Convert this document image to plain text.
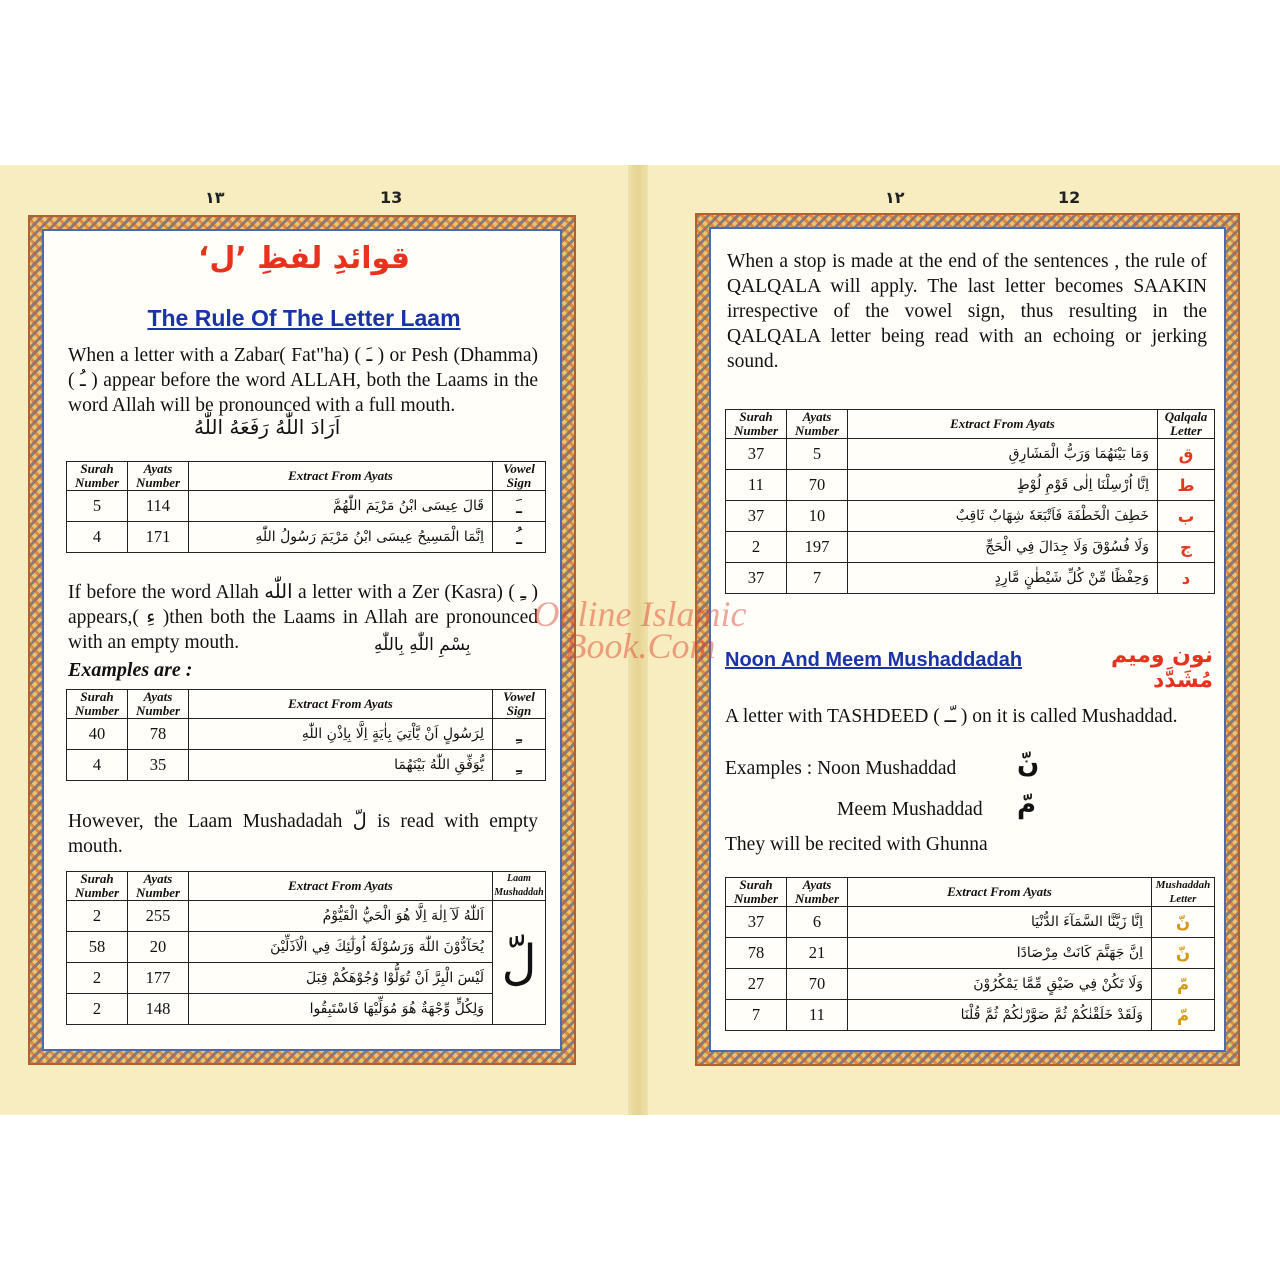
١٣	13	١٢	12
قوائدِ لفظِ ’ل‘
The Rule Of The Letter Laam
When a letter with a Zabar( Fat"ha) ( ـَ ) or Pesh (Dhamma) ( ـُ ) appear before the word ALLAH, both the Laams in the word Allah will be pronounced with a full mouth.
اَرَادَ اللّٰهُ رَفَعَهُ اللّٰهُ
Surah Number	Ayats Number	Extract From Ayats	Vowel Sign
5	114	قَالَ عِيسَى ابْنُ مَرْيَمَ اللّٰهُمَّ	ـَ
4	171	اِنَّمَا الْمَسِيحُ عِيسَى ابْنُ مَرْيَمَ رَسُولُ اللّٰهِ	ـُ
If before the word Allah اللّٰه a letter with a Zer (Kasra) ( ـِ ) appears,( ءِ )then both the Laams in Allah are pronounced with an empty mouth.	بِسْمِ اللّٰهِ بِاللّٰهِ
Examples are :
Surah Number	Ayats Number	Extract From Ayats	Vowel Sign
40	78	لِرَسُولٍ اَنْ يَّاْتِيَ بِاٰيَةٍ اِلَّا بِاِذْنِ اللّٰهِ	ـِ
4	35	يُّوَفِّقِ اللّٰهُ بَيْنَهُمَا	ـِ
However, the Laam Mushadadah لّ is read with empty mouth.
Surah Number	Ayats Number	Extract From Ayats	Laam Mushaddah
2	255	اَللّٰهُ لَآ اِلٰهَ اِلَّا هُوَ الْحَيُّ الْقَيُّوْمُ	لّ
58	20	يُحَآدُّوْنَ اللّٰهَ وَرَسُوْلَهٗٓ اُولٰٓئِكَ فِي الْاَذَلِّيْنَ	
2	177	لَيْسَ الْبِرَّ اَنْ تُوَلُّوْا وُجُوْهَكُمْ قِبَلَ	
2	148	وَلِكُلٍّ وِّجْهَةٌ هُوَ مُوَلِّيْهَا فَاسْتَبِقُوا	
When a stop is made at the end of the sentences , the rule of QALQALA will apply. The last letter becomes SAAKIN irrespective of the vowel sign, thus resulting in the QALQALA letter being read with an echoing or jerking sound.
Surah Number	Ayats Number	Extract From Ayats	Qalqala Letter
37	5	وَمَا بَيْنَهُمَا وَرَبُّ الْمَشَارِقِ	ق
11	70	اِنَّا اُرْسِلْنَا اِلٰى قَوْمِ لُوْطٍ	ط
37	10	خَطِفَ الْخَطْفَةَ فَاَتْبَعَهٗ شِهَابٌ ثَاقِبٌ	ب
2	197	وَلَا فُسُوْقَ وَلَا جِدَالَ فِي الْحَجِّ	ج
37	7	وَحِفْظًا مِّنْ كُلِّ شَيْطٰنٍ مَّارِدٍ	د
Noon And Meem Mushaddadah	نون ومیم مُشَدَّد
A letter with TASHDEED ( ـّـ ) on it is called Mushaddad.
Examples : Noon Mushaddad نّ
Meem Mushaddad مّ
They will be recited with Ghunna
Surah Number	Ayats Number	Extract From Ayats	Mushaddah Letter
37	6	اِنَّا زَيَّنَّا السَّمَآءَ الدُّنْيَا	نّ
78	21	اِنَّ جَهَنَّمَ كَانَتْ مِرْصَادًا	نّ
27	70	وَلَا تَكُنْ فِي ضَيْقٍ مِّمَّا يَمْكُرُوْنَ	مّ
7	11	وَلَقَدْ خَلَقْنٰكُمْ ثُمَّ صَوَّرْنٰكُمْ ثُمَّ قُلْنَا	مّ
Online Islamic
Book.Com
